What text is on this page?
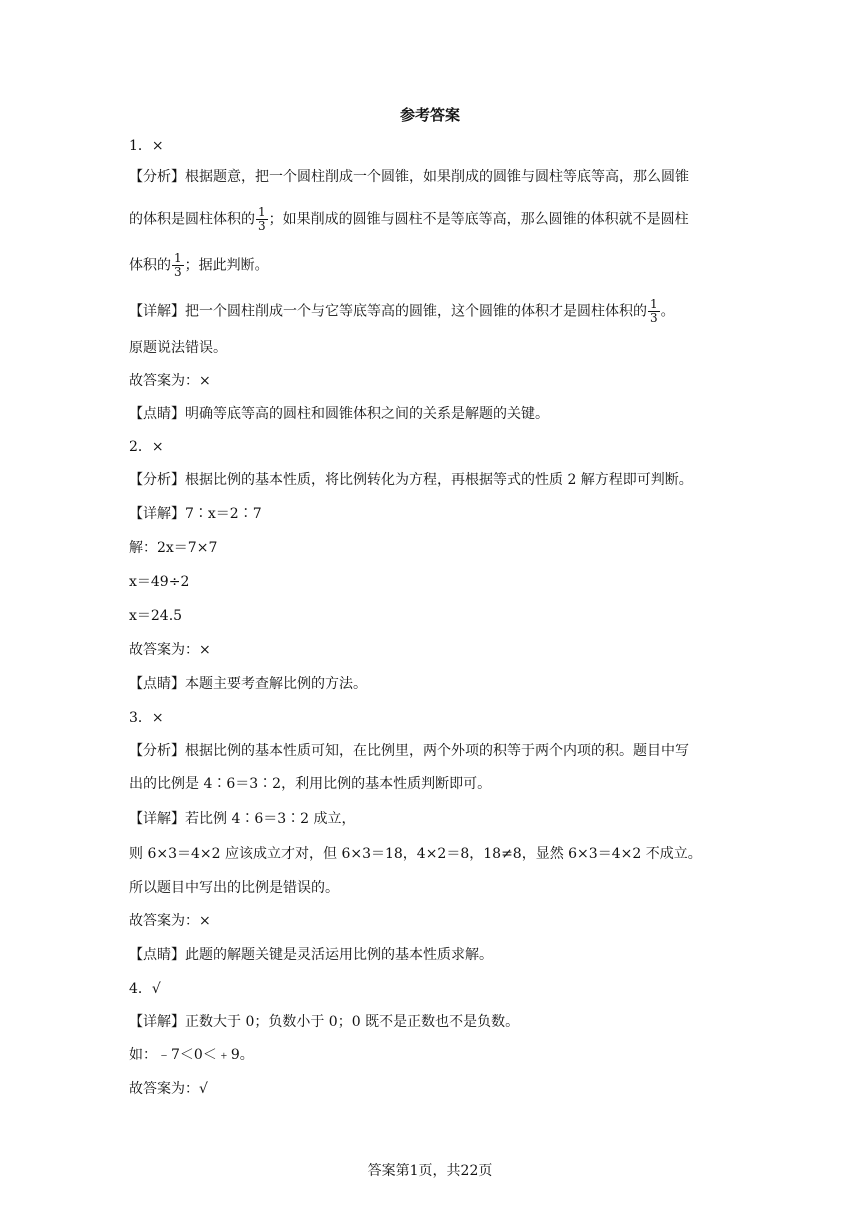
参考答案
1．×
【分析】根据题意，把一个圆柱削成一个圆锥，如果削成的圆锥与圆柱等底等高，那么圆锥
的体积是圆柱体积的 $\frac{1}{3}$ ；如果削成的圆锥与圆柱不是等底等高，那么圆锥的体积就不是圆柱
体积的 $\frac{1}{3}$ ；据此判断。
【详解】把一个圆柱削成一个与它等底等高的圆锥，这个圆锥的体积才是圆柱体积的 $\frac{1}{3}$ 。
原题说法错误。
故答案为：×
【点睛】明确等底等高的圆柱和圆锥体积之间的关系是解题的关键。
2．×
【分析】根据比例的基本性质，将比例转化为方程，再根据等式的性质 2 解方程即可判断。
【详解】7∶x＝2∶7
解：2x＝7×7
x＝49÷2
x＝24.5
故答案为：×
【点睛】本题主要考查解比例的方法。
3．×
【分析】根据比例的基本性质可知，在比例里，两个外项的积等于两个内项的积。题目中写
出的比例是 4∶6＝3∶2，利用比例的基本性质判断即可。
【详解】若比例 4∶6＝3∶2 成立，
则 6×3＝4×2 应该成立才对，但 6×3＝18，4×2＝8，18≠8，显然 6×3＝4×2 不成立。
所以题目中写出的比例是错误的。
故答案为：×
【点睛】此题的解题关键是灵活运用比例的基本性质求解。
4．√
【详解】正数大于 0；负数小于 0；0 既不是正数也不是负数。
如：﹣7＜0＜﹢9。
故答案为：√
答案第1页，共22页
